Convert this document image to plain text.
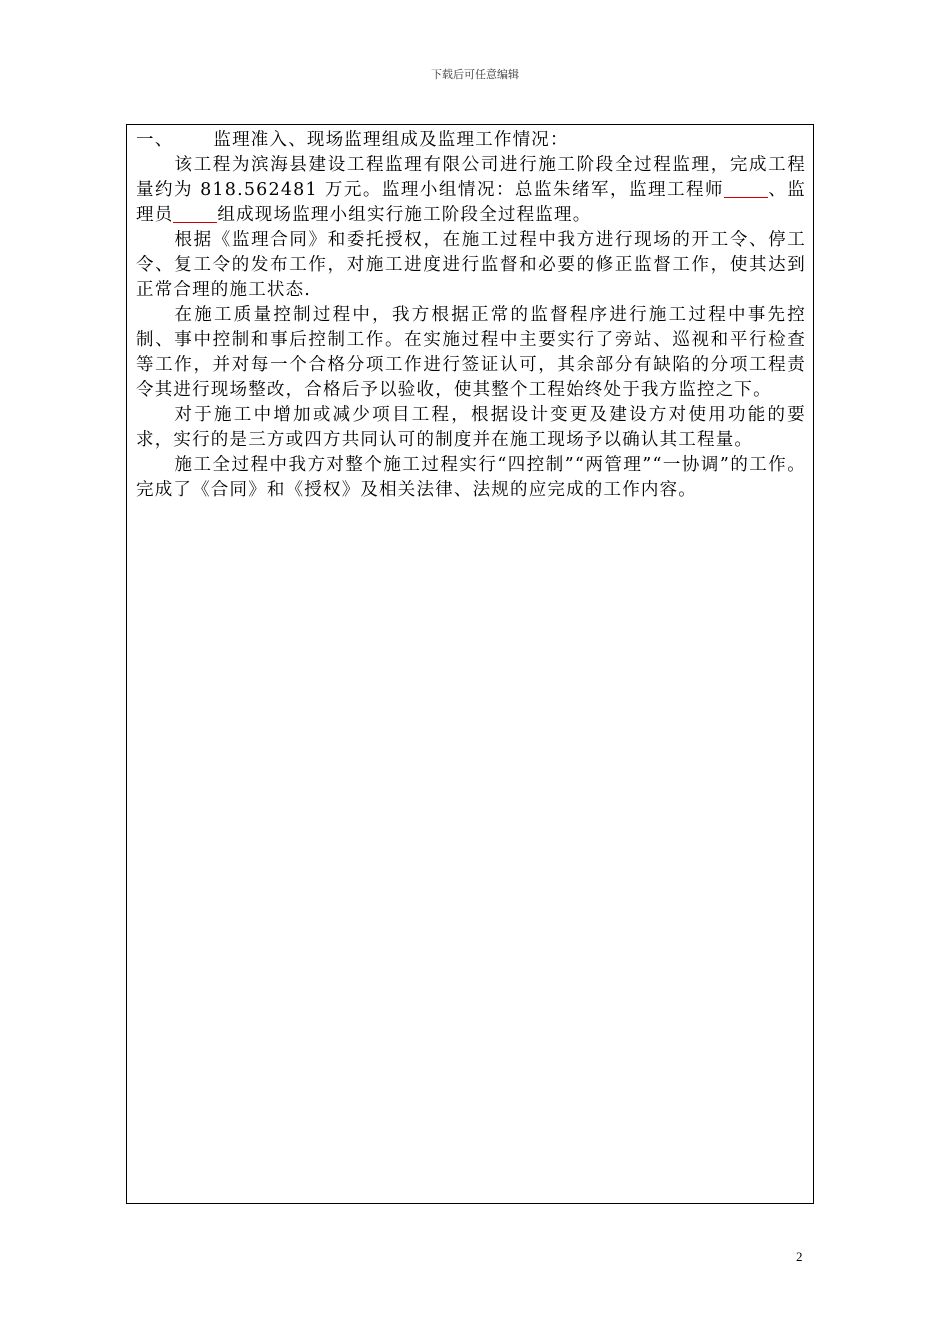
下载后可任意编辑

一、 监理准入、现场监理组成及监理工作情况：

该工程为滨海县建设工程监理有限公司进行施工阶段全过程监理，完成工程量约为 818.562481 万元。监理小组情况：总监朱绪军，监理工程师	、监理员	组成现场监理小组实行施工阶段全过程监理。

根据《监理合同》和委托授权，在施工过程中我方进行现场的开工令、停工令、复工令的发布工作，对施工进度进行监督和必要的修正监督工作，使其达到正常合理的施工状态.

在施工质量控制过程中，我方根据正常的监督程序进行施工过程中事先控制、事中控制和事后控制工作。在实施过程中主要实行了旁站、巡视和平行检查等工作，并对每一个合格分项工作进行签证认可，其余部分有缺陷的分项工程责令其进行现场整改，合格后予以验收，使其整个工程始终处于我方监控之下。

对于施工中增加或减少项目工程，根据设计变更及建设方对使用功能的要求，实行的是三方或四方共同认可的制度并在施工现场予以确认其工程量。

施工全过程中我方对整个施工过程实行“四控制”“两管理”“一协调”的工作。完成了《合同》和《授权》及相关法律、法规的应完成的工作内容。

2
